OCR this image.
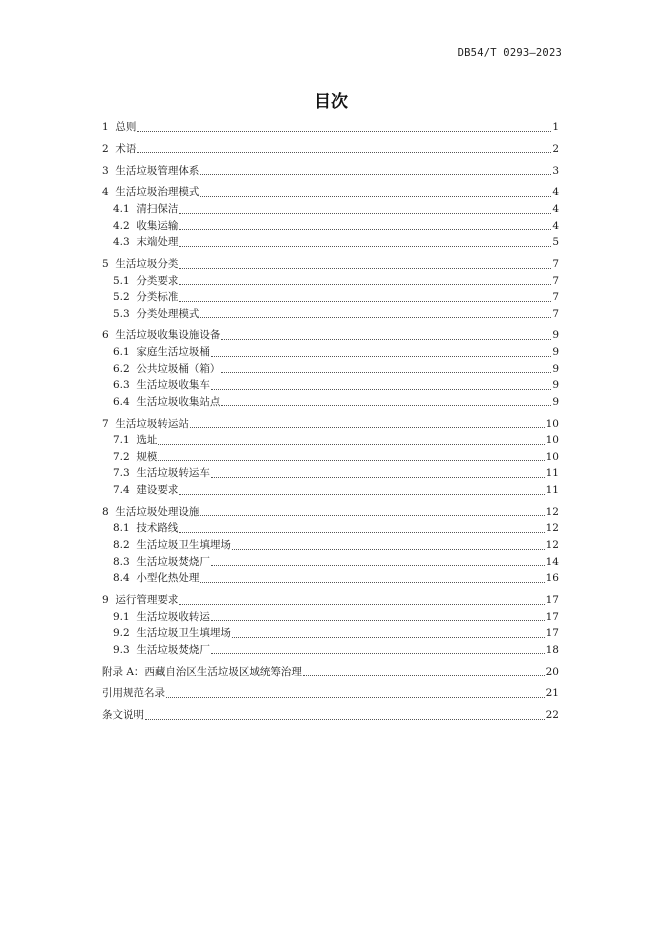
DB54/T 0293—2023
目次
1 总则	1
2 术语	2
3 生活垃圾管理体系	3
4 生活垃圾治理模式	4
4.1 清扫保洁	4
4.2 收集运输	4
4.3 末端处理	5
5 生活垃圾分类	7
5.1 分类要求	7
5.2 分类标准	7
5.3 分类处理模式	7
6 生活垃圾收集设施设备	9
6.1 家庭生活垃圾桶	9
6.2 公共垃圾桶（箱）	9
6.3 生活垃圾收集车	9
6.4 生活垃圾收集站点	9
7 生活垃圾转运站	10
7.1 选址	10
7.2 规模	10
7.3 生活垃圾转运车	11
7.4 建设要求	11
8 生活垃圾处理设施	12
8.1 技术路线	12
8.2 生活垃圾卫生填埋场	12
8.3 生活垃圾焚烧厂	14
8.4 小型化热处理	16
9 运行管理要求	17
9.1 生活垃圾收转运	17
9.2 生活垃圾卫生填埋场	17
9.3 生活垃圾焚烧厂	18
附录 A：西藏自治区生活垃圾区域统筹治理	20
引用规范名录	21
条文说明	22
